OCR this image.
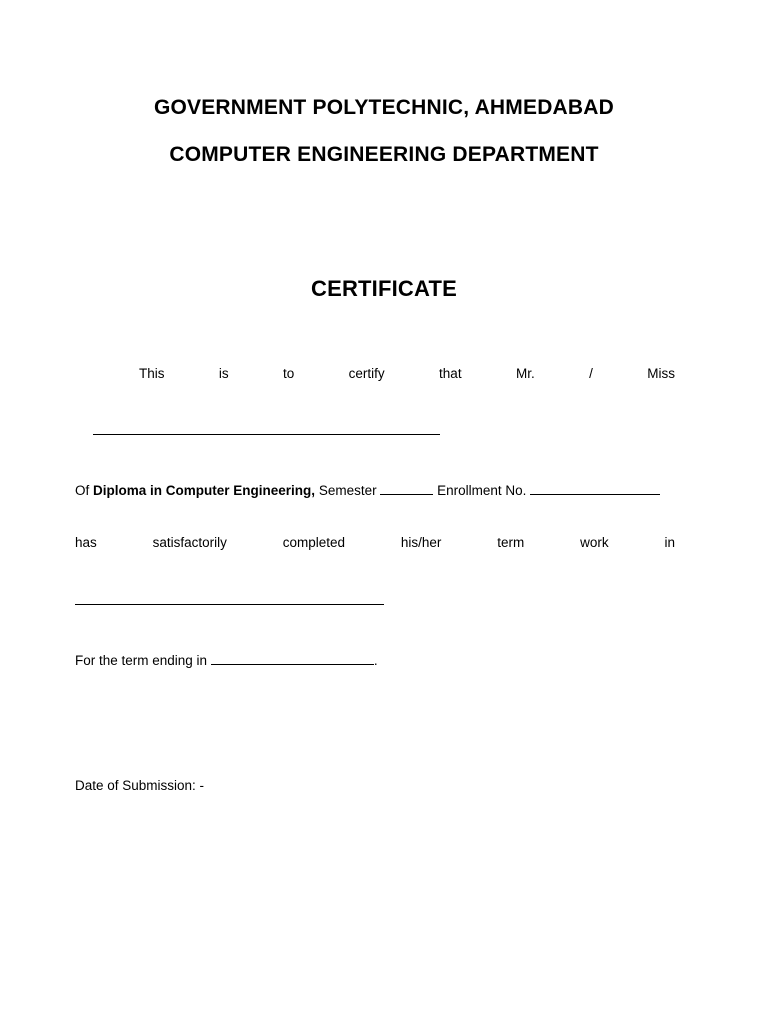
GOVERNMENT POLYTECHNIC, AHMEDABAD
COMPUTER ENGINEERING DEPARTMENT
CERTIFICATE
This	is	to	certify	that	Mr.	/	Miss
Of Diploma in Computer Engineering, Semester	Enrollment No.
has	satisfactorily	completed	his/her	term	work	in
For the term ending in	.
Date of Submission: -
